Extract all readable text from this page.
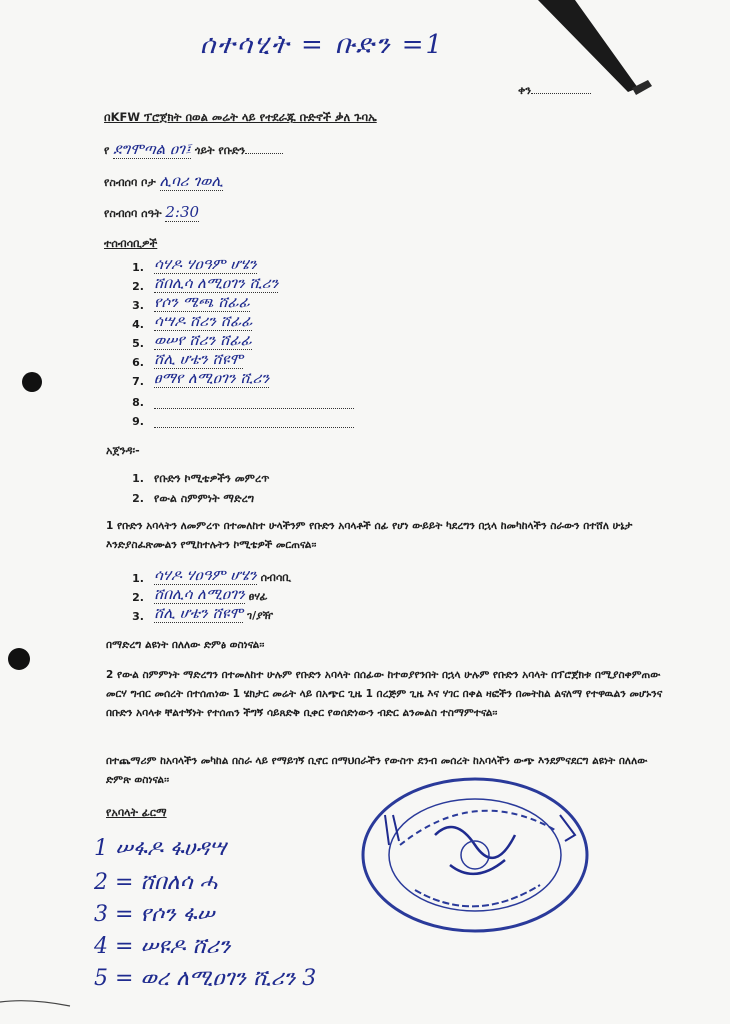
ሰተሳሂት = ቡድን =1
ቀን
በKFW ፕሮጀክት በወል መሬት ላይ የተደራጁ ቡድኖች ቃለ ጉባኤ
የ ደግሞጣል ዐገ፤ ጎይት የቡድን
የስብሰባ ቦታ ሊባሪ ገወሊ
የስብሰባ ሰዓት 2:30
ተሰብሳቢዎች
1. ሳሃዶ ሃዐዓም ሆሄን
2. ሸበሊሳ ለሚዐገን ሺሪን
3. የሶን ሜጫ ሸፊፊ
4. ሳሣዶ ሸሪን ሸፊፊ
5. ወሠየ ሸሪን ሸፊፊ
6. ሸሊ ሆቴን ሸዩሞ
7. ፀማየ ለሚዐገን ሺሪን
8.
9.
አጀንዳ፡-
1. የቡድን ኮሚቴዎችን መምረጥ
2. የውል ስምምነት ማድረግ
1 የቡድን አባላትን ለመምረጥ በተመለከተ ሁላችንም የቡድን አባላቶች ሰፊ የሆነ ውይይት ካደረግን በኋላ ከመካከላችን ስራውን በተሸለ ሁኔታ እንድያስፈጽሙልን የሚከተሉትን ኮሚቴዎች መርጠናል፡፡
1. ሳሃዶ ሃዐዓም ሆሄን ሰብሳቢ
2. ሸበሊሳ ለሚዐገን ፀሃፊ
3. ሸሊ ሆቴን ሸዩሞ ገ/ያዥ
በማድረግ ልዩነት በለለው ድምፅ ወስነናል፡፡
2 የውል ስምምነት ማድረግን በተመለከተ ሁሉም የቡድን አባላት በሰፊው ከተወያየንበት በኋላ ሁሉም የቡድን አባላት በፕሮጀክቱ በሚያስቀምጠው መርሃ ግብር መሰረት በተሰጠነው 1 ሄክታር መሬት ላይ በአጭር ጊዜ 1 በረጅም ጊዜ እና ሃገር በቀል ዛፎችን በመትከል ልናለማ የተዋዉልን መሆኑንና በቡድን አባላቱ ቸልተኝነት የተሰጠን ችግኝ ሳይጸድቅ ቢቀር የወሰድነውን ብድር ልንመልስ ተስማምተናል፡፡
በተጨማሪም ከአባላችን መካከል በስራ ላይ የማይገኝ ቢኖር በማህበራችን የውስጥ ደንብ መሰረት ከአባላችን ውጭ እንደምናደርግ ልዩነት በለለው ድምጽ ወስነናል፡፡
የአባላት ፊርማ
1 ሠፋዶ ፋሀዳሣ
2 = ሸበለሳ ሓ
3 = የሶን ፋሠ
4 = ሠዩዶ ሸሪን
5 = ወረ ለሚዐገን ሺሪን 3
